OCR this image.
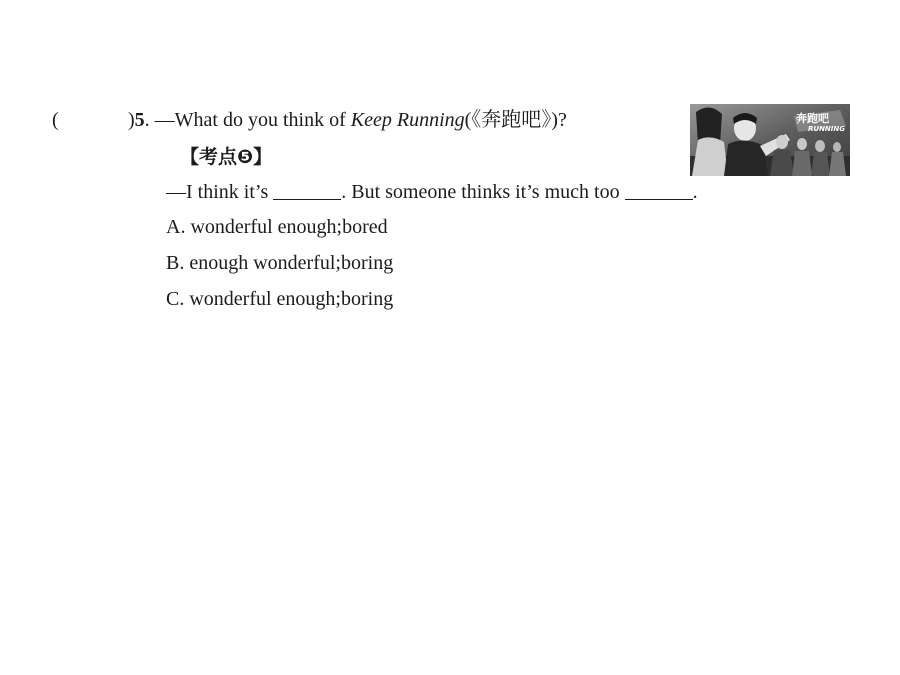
(	)5. —What do you think of Keep Running(《奔跑吧》)?
【考点❺】
—I think it’s	. But someone thinks it’s much too	.
A. wonderful enough;bored
B. enough wonderful;boring
C. wonderful enough;boring
奔跑吧
RUNNING
